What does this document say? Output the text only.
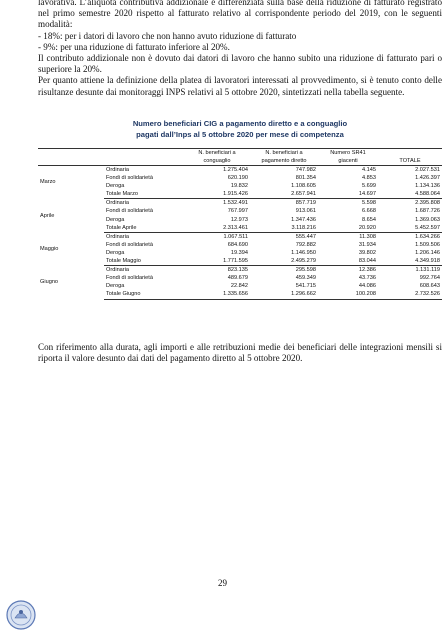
lavorativa. L’aliquota contributiva addizionale è differenziata sulla base della riduzione di fatturato registrato nel primo semestre 2020 rispetto al fatturato relativo al corrispondente periodo del 2019, con le seguenti modalità:

- 18%: per i datori di lavoro che non hanno avuto riduzione di fatturato

- 9%: per una riduzione di fatturato inferiore al 20%.

Il contributo addizionale non è dovuto dai datori di lavoro che hanno subito una riduzione di fatturato pari o superiore la 20%.

Per quanto attiene la definizione della platea di lavoratori interessati al provvedimento, si è tenuto conto delle risultanze desunte dai monitoraggi INPS relativi al 5 ottobre 2020, sintetizzati nella tabella seguente.

Numero beneficiari CIG a pagamento diretto e a conguaglio
pagati dall’Inps al 5 ottobre 2020 per mese di competenza
		N. beneficiari a	N. beneficiari a	Numero SR41	
		conguaglio	pagamento diretto	giacenti	TOTALE
Marzo	Ordinaria	1.275.404	747.982	4.145	2.027.531
	Fondi di solidarietà	620.190	801.354	4.853	1.426.397
	Deroga	19.832	1.108.605	5.699	1.134.136
	Totale Marzo	1.915.426	2.657.941	14.697	4.588.064
Aprile	Ordinaria	1.532.491	857.719	5.598	2.395.808
	Fondi di solidarietà	767.997	913.061	6.668	1.687.726
	Deroga	12.973	1.347.436	8.654	1.369.063
	Totale Aprile	2.313.461	3.118.216	20.920	5.452.597
Maggio	Ordinaria	1.067.511	555.447	11.308	1.634.266
	Fondi di solidarietà	684.690	792.882	31.934	1.509.506
	Deroga	19.394	1.146.950	39.802	1.206.146
	Totale Maggio	1.771.595	2.495.279	83.044	4.349.918
Giugno	Ordinaria	823.135	295.598	12.386	1.131.119
	Fondi di solidarietà	489.679	459.349	43.736	992.764
	Deroga	22.842	541.715	44.086	608.643
	Totale Giugno	1.335.656	1.296.662	100.208	2.732.526

Con riferimento alla durata, agli importi e alle retribuzioni medie dei beneficiari delle integrazioni mensili si riporta il valore desunto dai dati del pagamento diretto al 5 ottobre 2020.

29
